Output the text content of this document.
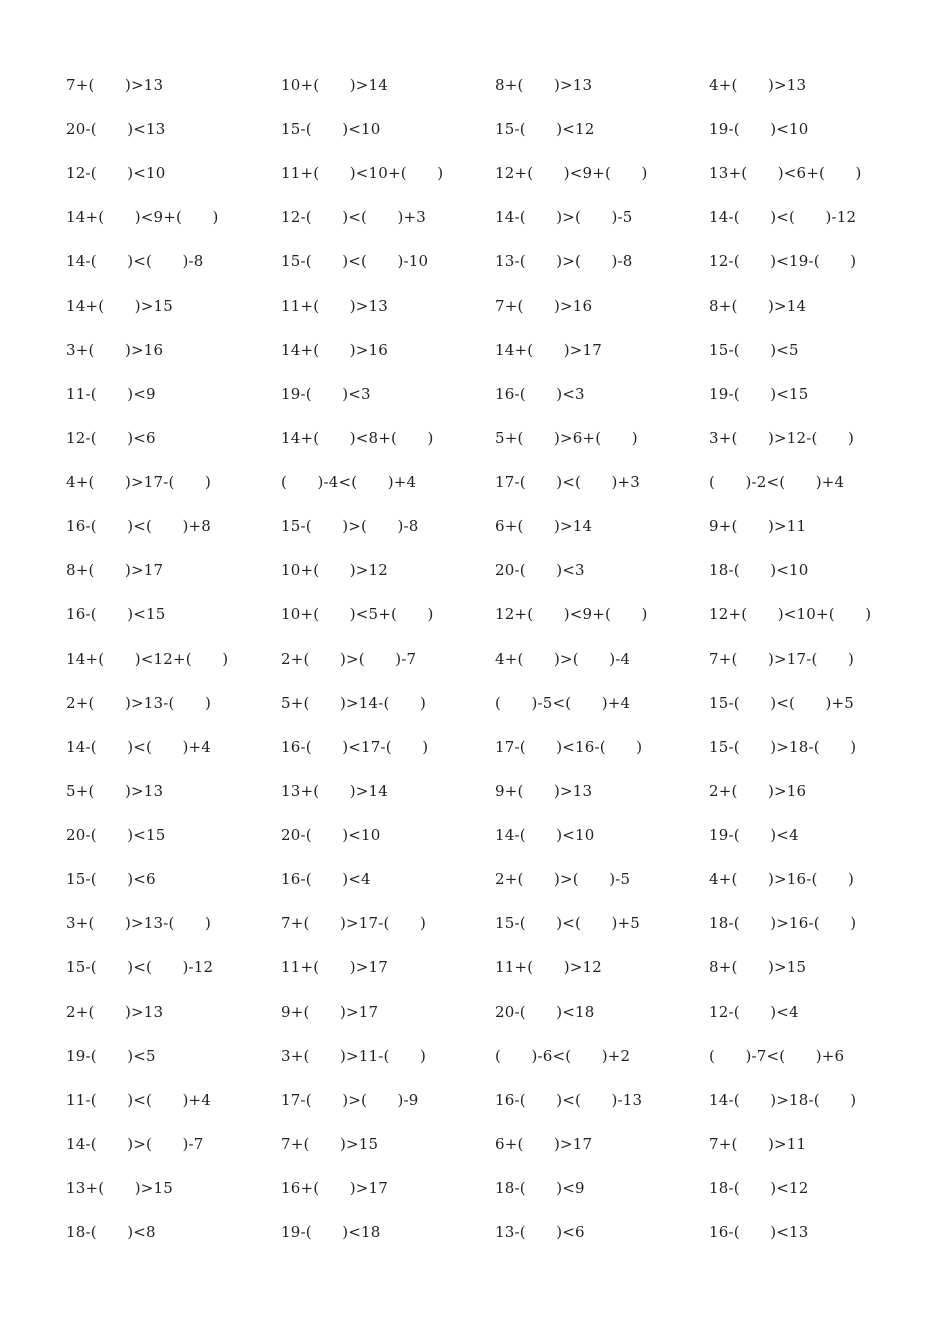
7+(　　)>13	10+(　　)>14	8+(　　)>13	4+(　　)>13
20-(　　)<13	15-(　　)<10	15-(　　)<12	19-(　　)<10
12-(　　)<10	11+(　　)<10+(　　)	12+(　　)<9+(　　)	13+(　　)<6+(　　)
14+(　　)<9+(　　)	12-(　　)<(　　)+3	14-(　　)>(　　)-5	14-(　　)<(　　)-12
14-(　　)<(　　)-8	15-(　　)<(　　)-10	13-(　　)>(　　)-8	12-(　　)<19-(　　)
14+(　　)>15	11+(　　)>13	7+(　　)>16	8+(　　)>14
3+(　　)>16	14+(　　)>16	14+(　　)>17	15-(　　)<5
11-(　　)<9	19-(　　)<3	16-(　　)<3	19-(　　)<15
12-(　　)<6	14+(　　)<8+(　　)	5+(　　)>6+(　　)	3+(　　)>12-(　　)
4+(　　)>17-(　　)	(　　)-4<(　　)+4	17-(　　)<(　　)+3	(　　)-2<(　　)+4
16-(　　)<(　　)+8	15-(　　)>(　　)-8	6+(　　)>14	9+(　　)>11
8+(　　)>17	10+(　　)>12	20-(　　)<3	18-(　　)<10
16-(　　)<15	10+(　　)<5+(　　)	12+(　　)<9+(　　)	12+(　　)<10+(　　)
14+(　　)<12+(　　)	2+(　　)>(　　)-7	4+(　　)>(　　)-4	7+(　　)>17-(　　)
2+(　　)>13-(　　)	5+(　　)>14-(　　)	(　　)-5<(　　)+4	15-(　　)<(　　)+5
14-(　　)<(　　)+4	16-(　　)<17-(　　)	17-(　　)<16-(　　)	15-(　　)>18-(　　)
5+(　　)>13	13+(　　)>14	9+(　　)>13	2+(　　)>16
20-(　　)<15	20-(　　)<10	14-(　　)<10	19-(　　)<4
15-(　　)<6	16-(　　)<4	2+(　　)>(　　)-5	4+(　　)>16-(　　)
3+(　　)>13-(　　)	7+(　　)>17-(　　)	15-(　　)<(　　)+5	18-(　　)>16-(　　)
15-(　　)<(　　)-12	11+(　　)>17	11+(　　)>12	8+(　　)>15
2+(　　)>13	9+(　　)>17	20-(　　)<18	12-(　　)<4
19-(　　)<5	3+(　　)>11-(　　)	(　　)-6<(　　)+2	(　　)-7<(　　)+6
11-(　　)<(　　)+4	17-(　　)>(　　)-9	16-(　　)<(　　)-13	14-(　　)>18-(　　)
14-(　　)>(　　)-7	7+(　　)>15	6+(　　)>17	7+(　　)>11
13+(　　)>15	16+(　　)>17	18-(　　)<9	18-(　　)<12
18-(　　)<8	19-(　　)<18	13-(　　)<6	16-(　　)<13
